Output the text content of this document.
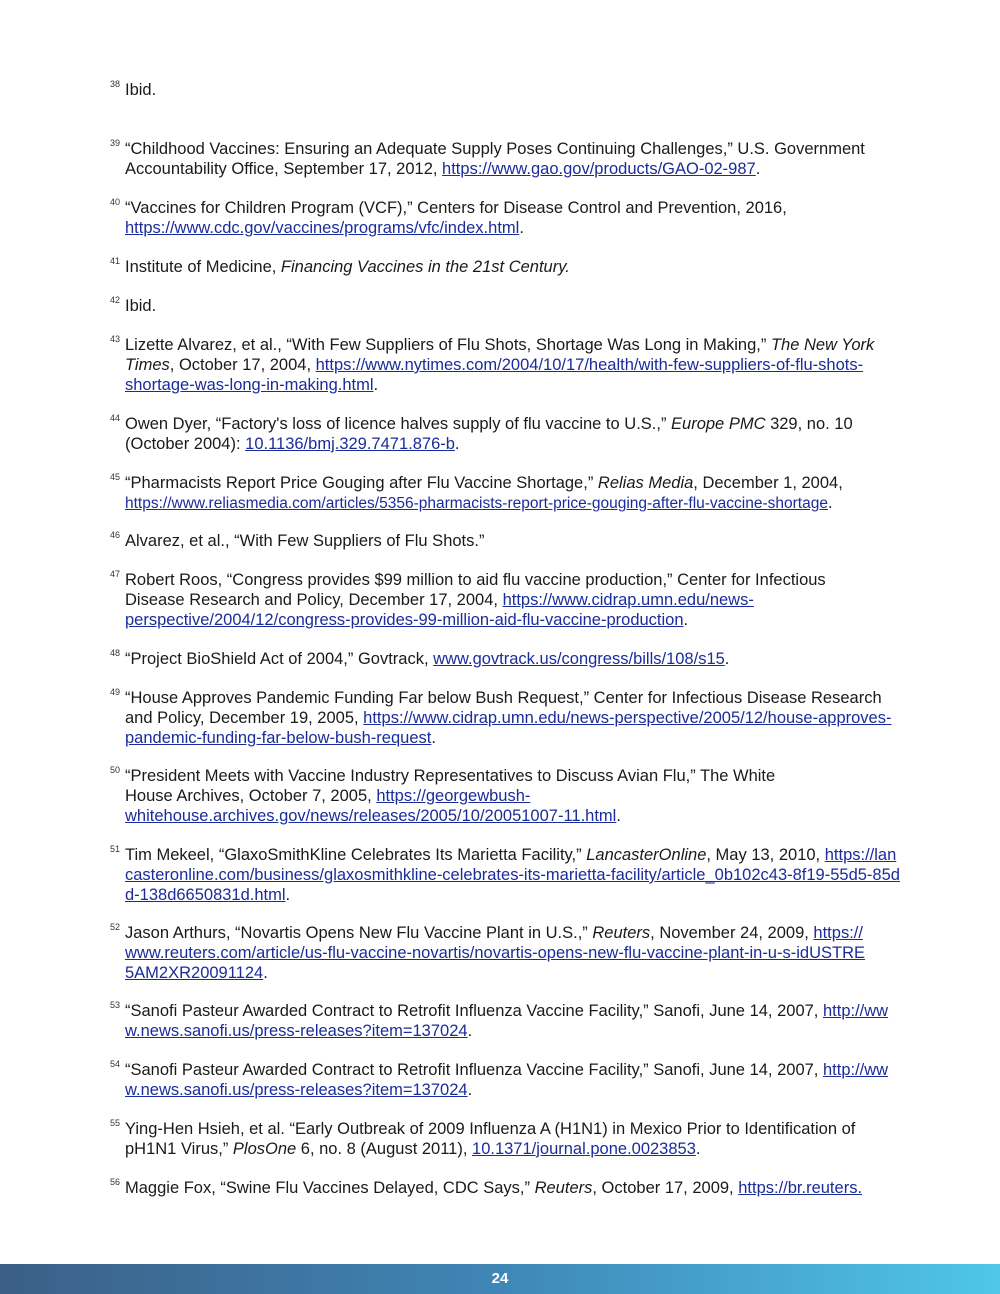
38 Ibid.
39 “Childhood Vaccines: Ensuring an Adequate Supply Poses Continuing Challenges,” U.S. Government Accountability Office, September 17, 2012, https://www.gao.gov/products/GAO-02-987.
40 “Vaccines for Children Program (VCF),” Centers for Disease Control and Prevention, 2016, https://www.cdc.gov/vaccines/programs/vfc/index.html.
41 Institute of Medicine, Financing Vaccines in the 21st Century.
42 Ibid.
43 Lizette Alvarez, et al., “With Few Suppliers of Flu Shots, Shortage Was Long in Making,” The New York Times, October 17, 2004, https://www.nytimes.com/2004/10/17/health/with-few-suppliers-of-flu-shots-shortage-was-long-in-making.html.
44 Owen Dyer, “Factory's loss of licence halves supply of flu vaccine to U.S.,” Europe PMC 329, no. 10 (October 2004): 10.1136/bmj.329.7471.876-b.
45 “Pharmacists Report Price Gouging after Flu Vaccine Shortage,” Relias Media, December 1, 2004, https://www.reliasmedia.com/articles/5356-pharmacists-report-price-gouging-after-flu-vaccine-shortage.
46 Alvarez, et al., “With Few Suppliers of Flu Shots.”
47 Robert Roos, “Congress provides $99 million to aid flu vaccine production,” Center for Infectious Disease Research and Policy, December 17, 2004, https://www.cidrap.umn.edu/news-perspective/2004/12/congress-provides-99-million-aid-flu-vaccine-production.
48 “Project BioShield Act of 2004,” Govtrack, www.govtrack.us/congress/bills/108/s15.
49 “House Approves Pandemic Funding Far below Bush Request,” Center for Infectious Disease Research and Policy, December 19, 2005, https://www.cidrap.umn.edu/news-perspective/2005/12/house-approves-pandemic-funding-far-below-bush-request.
50 “President Meets with Vaccine Industry Representatives to Discuss Avian Flu,” The White House Archives, October 7, 2005, https://georgewbush-whitehouse.archives.gov/news/releases/2005/10/20051007-11.html.
51 Tim Mekeel, “GlaxoSmithKline Celebrates Its Marietta Facility,” LancasterOnline, May 13, 2010, https://lancasteronline.com/business/glaxosmithkline-celebrates-its-marietta-facility/article_0b102c43-8f19-55d5-85dd-138d6650831d.html.
52 Jason Arthurs, “Novartis Opens New Flu Vaccine Plant in U.S.,” Reuters, November 24, 2009, https://www.reuters.com/article/us-flu-vaccine-novartis/novartis-opens-new-flu-vaccine-plant-in-u-s-idUSTRE5AM2XR20091124.
53 “Sanofi Pasteur Awarded Contract to Retrofit Influenza Vaccine Facility,” Sanofi, June 14, 2007, http://www.news.sanofi.us/press-releases?item=137024.
54 “Sanofi Pasteur Awarded Contract to Retrofit Influenza Vaccine Facility,” Sanofi, June 14, 2007, http://www.news.sanofi.us/press-releases?item=137024.
55 Ying-Hen Hsieh, et al. “Early Outbreak of 2009 Influenza A (H1N1) in Mexico Prior to Identification of pH1N1 Virus,” PlosOne 6, no. 8 (August 2011), 10.1371/journal.pone.0023853.
56 Maggie Fox, “Swine Flu Vaccines Delayed, CDC Says,” Reuters, October 17, 2009, https://br.reuters.
24
